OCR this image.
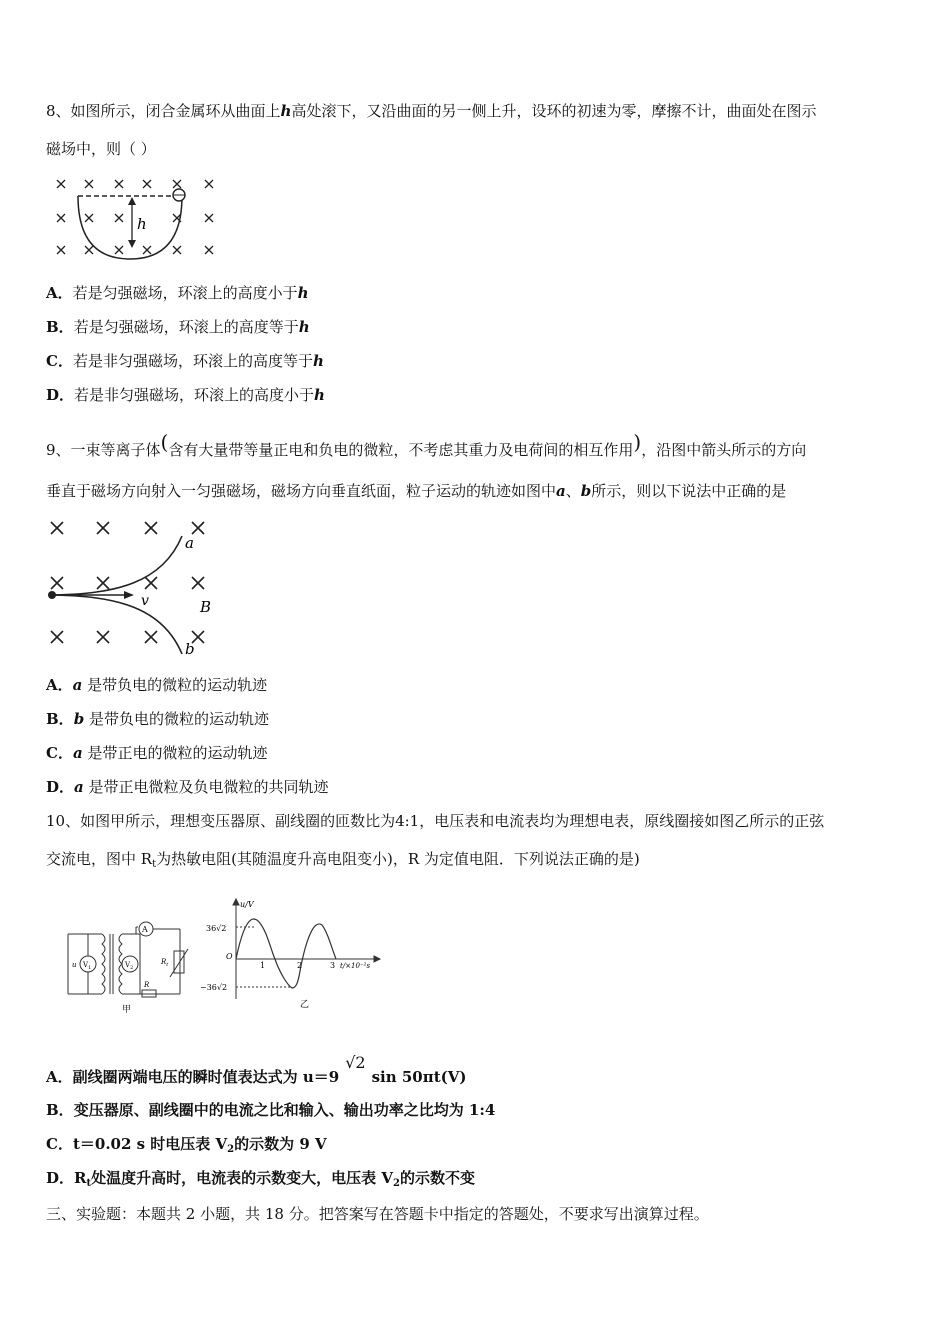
8、如图所示，闭合金属环从曲面上h高处滚下，又沿曲面的另一侧上升，设环的初速为零，摩擦不计，曲面处在图示
磁场中，则（ ）
h
A．若是匀强磁场，环滚上的高度小于h
B．若是匀强磁场，环滚上的高度等于h
C．若是非匀强磁场，环滚上的高度等于h
D．若是非匀强磁场，环滚上的高度小于h
9、一束等离子体(含有大量带等量正电和负电的微粒，不考虑其重力及电荷间的相互作用)，沿图中箭头所示的方向
垂直于磁场方向射入一匀强磁场，磁场方向垂直纸面，粒子运动的轨迹如图中a、b所示，则以下说法中正确的是
a
b
v	B
A．a 是带负电的微粒的运动轨迹
B．b 是带负电的微粒的运动轨迹
C．a 是带正电的微粒的运动轨迹
D．a 是带正电微粒及负电微粒的共同轨迹
10、如图甲所示，理想变压器原、副线圈的匝数比为4:1，电压表和电流表均为理想电表，原线圈接如图乙所示的正弦
交流电，图中 $R_t$为热敏电阻(其随温度升高电阻变小)，R 为定值电阻．下列说法正确的是)
u $V_1$	$V_2$
A
$R_t$
R
甲
u/V
36√2
−36√2
O
1	2	3 t/×10⁻²s
乙
A．副线圈两端电压的瞬时值表达式为 u＝9√2sin 50πt(V)
B．变压器原、副线圈中的电流之比和输入、输出功率之比均为 1:4
C．t＝0.02 s 时电压表 $V_2$的示数为 9 V
D．$R_t$处温度升高时，电流表的示数变大，电压表 $V_2$的示数不变
三、实验题：本题共 2 小题，共 18 分。把答案写在答题卡中指定的答题处，不要求写出演算过程。
